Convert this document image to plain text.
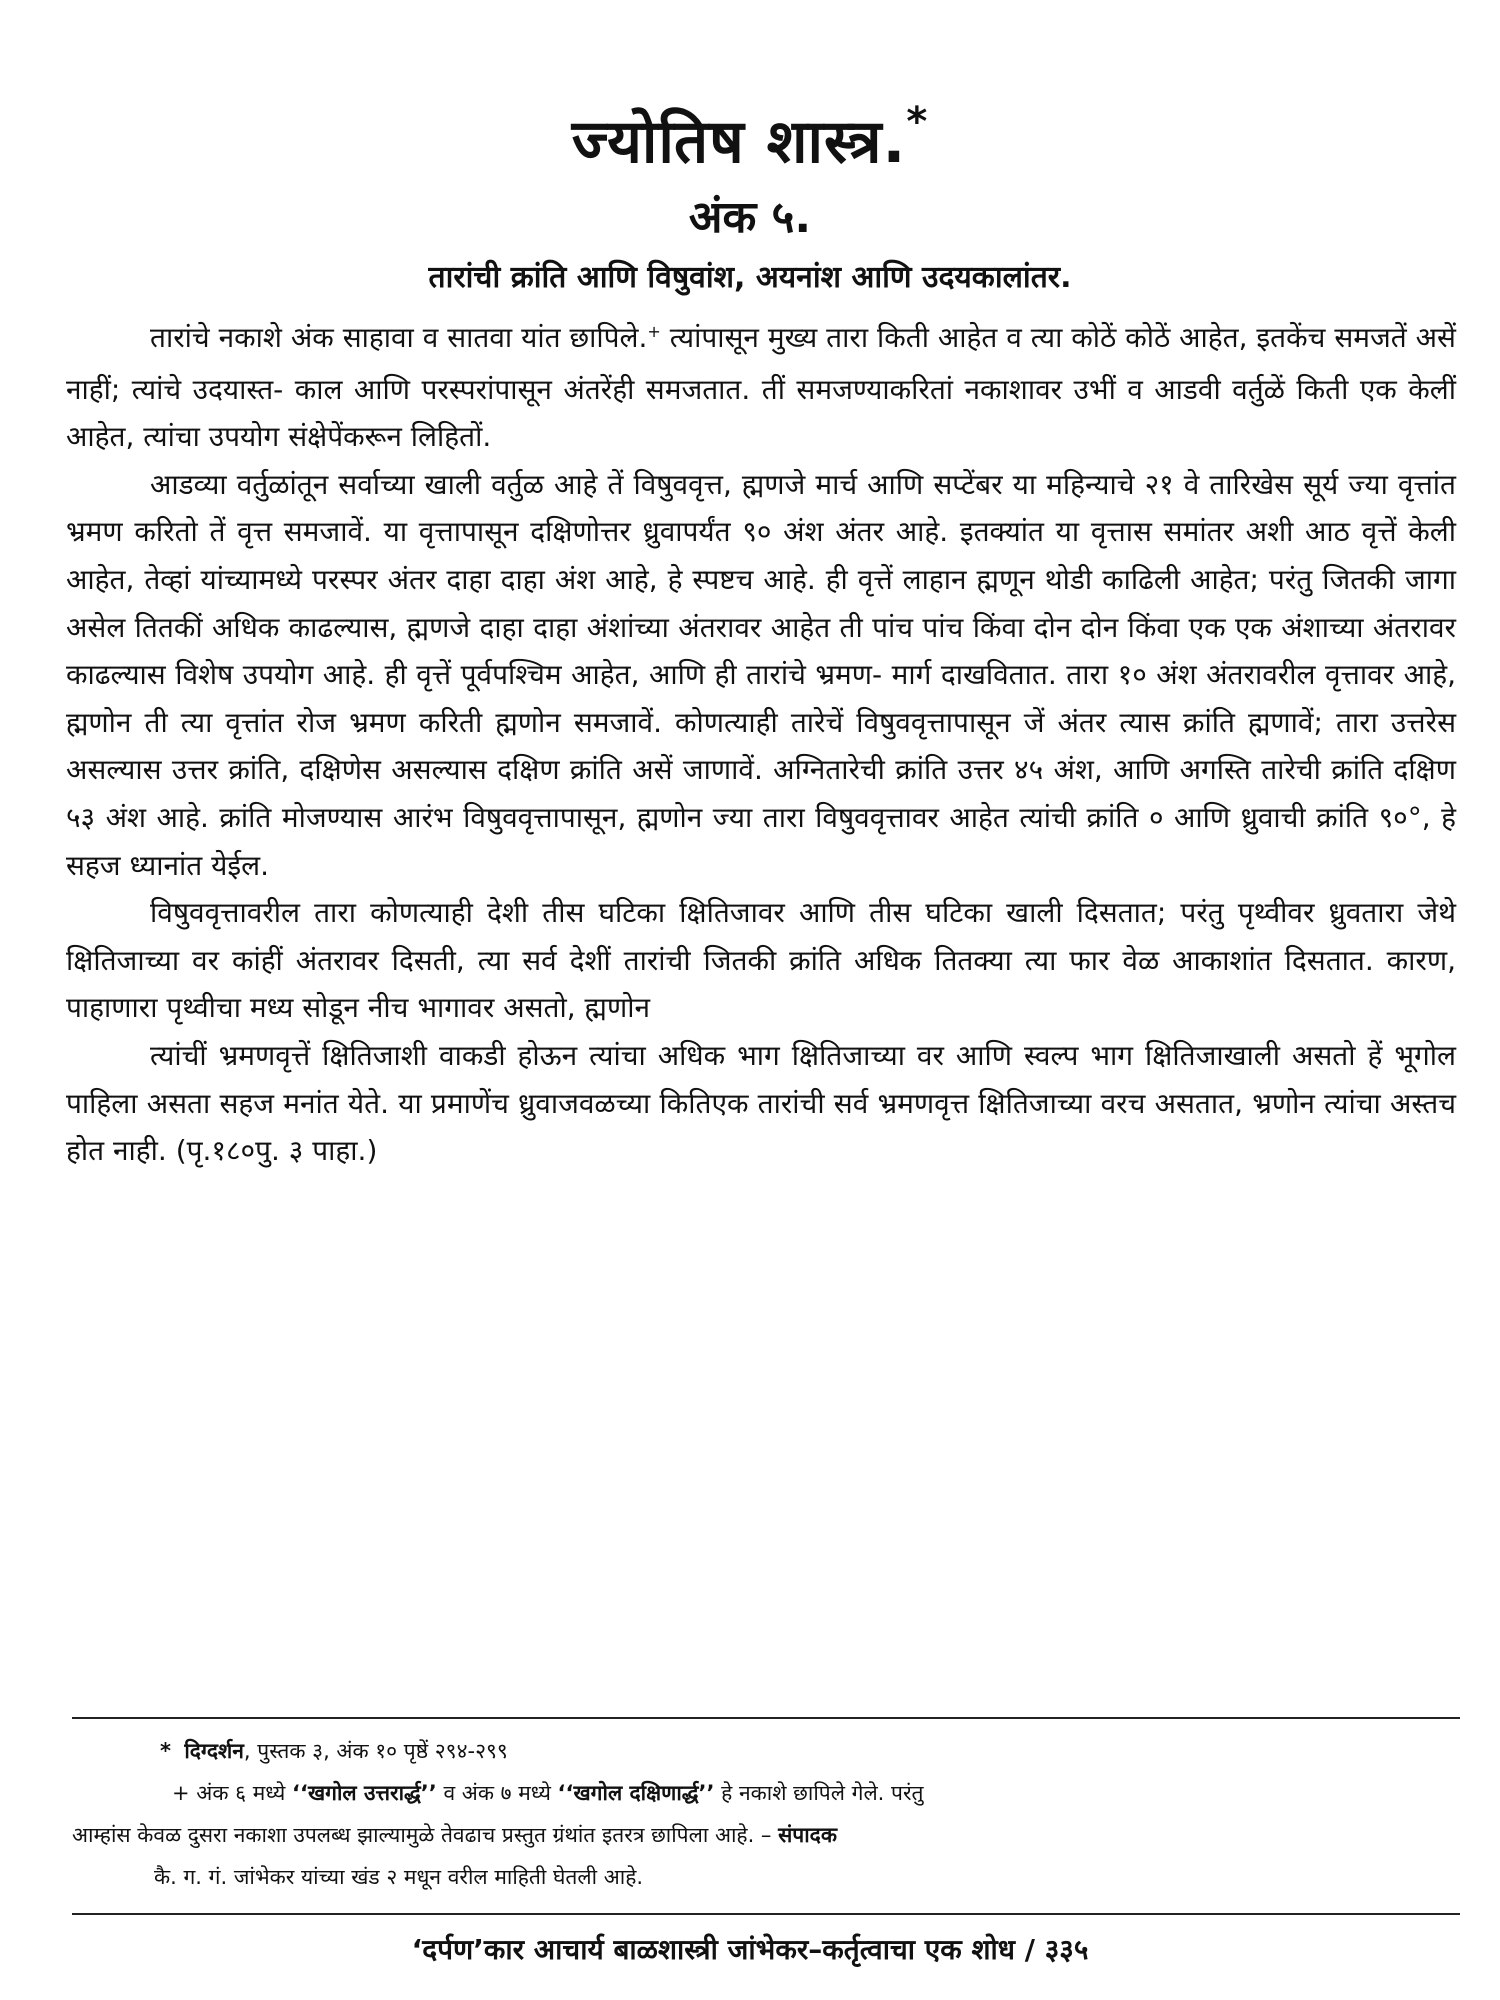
ज्योतिष शास्त्र.*
अंक ५.
तारांची क्रांति आणि विषुवांश, अयनांश आणि उदयकालांतर.

तारांचे नकाशे अंक साहावा व सातवा यांत छापिले.+ त्यांपासून मुख्य तारा किती आहेत व त्या कोठें कोठें आहेत, इतकेंच समजतें असें नाहीं; त्यांचे उदयास्त- काल आणि परस्परांपासून अंतरेंही समजतात. तीं समजण्याकरितां नकाशावर उभीं व आडवी वर्तुळें किती एक केलीं आहेत, त्यांचा उपयोग संक्षेपेंकरून लिहितों.

आडव्या वर्तुळांतून सर्वाच्या खाली वर्तुळ आहे तें विषुववृत्त, ह्मणजे मार्च आणि सप्टेंबर या महिन्याचे २१ वे तारिखेस सूर्य ज्या वृत्तांत भ्रमण करितो तें वृत्त समजावें. या वृत्तापासून दक्षिणोत्तर ध्रुवापर्यंत ९० अंश अंतर आहे. इतक्यांत या वृत्तास समांतर अशी आठ वृत्तें केली आहेत, तेव्हां यांच्यामध्ये परस्पर अंतर दाहा दाहा अंश आहे, हे स्पष्टच आहे. ही वृत्तें लाहान ह्मणून थोडी काढिली आहेत; परंतु जितकी जागा असेल तितकीं अधिक काढल्यास, ह्मणजे दाहा दाहा अंशांच्या अंतरावर आहेत ती पांच पांच किंवा दोन दोन किंवा एक एक अंशाच्या अंतरावर काढल्यास विशेष उपयोग आहे. ही वृत्तें पूर्वपश्चिम आहेत, आणि ही तारांचे भ्रमण- मार्ग दाखवितात. तारा १० अंश अंतरावरील वृत्तावर आहे, ह्मणोन ती त्या वृत्तांत रोज भ्रमण करिती ह्मणोन समजावें. कोणत्याही तारेचें विषुववृत्तापासून जें अंतर त्यास क्रांति ह्मणावें; तारा उत्तरेस असल्यास उत्तर क्रांति, दक्षिणेस असल्यास दक्षिण क्रांति असें जाणावें. अग्नितारेची क्रांति उत्तर ४५ अंश, आणि अगस्ति तारेची क्रांति दक्षिण ५३ अंश आहे. क्रांति मोजण्यास आरंभ विषुववृत्तापासून, ह्मणोन ज्या तारा विषुववृत्तावर आहेत त्यांची क्रांति ० आणि ध्रुवाची क्रांति ९०°, हे सहज ध्यानांत येईल.

विषुववृत्तावरील तारा कोणत्याही देशी तीस घटिका क्षितिजावर आणि तीस घटिका खाली दिसतात; परंतु पृथ्वीवर ध्रुवतारा जेथे क्षितिजाच्या वर कांहीं अंतरावर दिसती, त्या सर्व देशीं तारांची जितकी क्रांति अधिक तितक्या त्या फार वेळ आकाशांत दिसतात. कारण, पाहाणारा पृथ्वीचा मध्य सोडून नीच भागावर असतो, ह्मणोन

त्यांचीं भ्रमणवृत्तें क्षितिजाशी वाकडी होऊन त्यांचा अधिक भाग क्षितिजाच्या वर आणि स्वल्प भाग क्षितिजाखाली असतो हें भूगोल पाहिला असता सहज मनांत येते. या प्रमाणेंच ध्रुवाजवळच्या कितिएक तारांची सर्व भ्रमणवृत्त क्षितिजाच्या वरच असतात, भ्रणोन त्यांचा अस्तच होत नाही. (पृ.१८०पु. ३ पाहा.)

* दिग्दर्शन, पुस्तक ३, अंक १० पृष्ठें २९४-२९९
+ अंक ६ मध्ये ‘‘खगोल उत्तरार्द्ध’’ व अंक ७ मध्ये ‘‘खगोल दक्षिणार्द्ध’’ हे नकाशे छापिले गेले. परंतु
आम्हांस केवळ दुसरा नकाशा उपलब्ध झाल्यामुळे तेवढाच प्रस्तुत ग्रंथांत इतरत्र छापिला आहे. – संपादक
कै. ग. गं. जांभेकर यांच्या खंड २ मधून वरील माहिती घेतली आहे.
‘दर्पण’कार आचार्य बाळशास्त्री जांभेकर–कर्तृत्वाचा एक शोध / ३३५
